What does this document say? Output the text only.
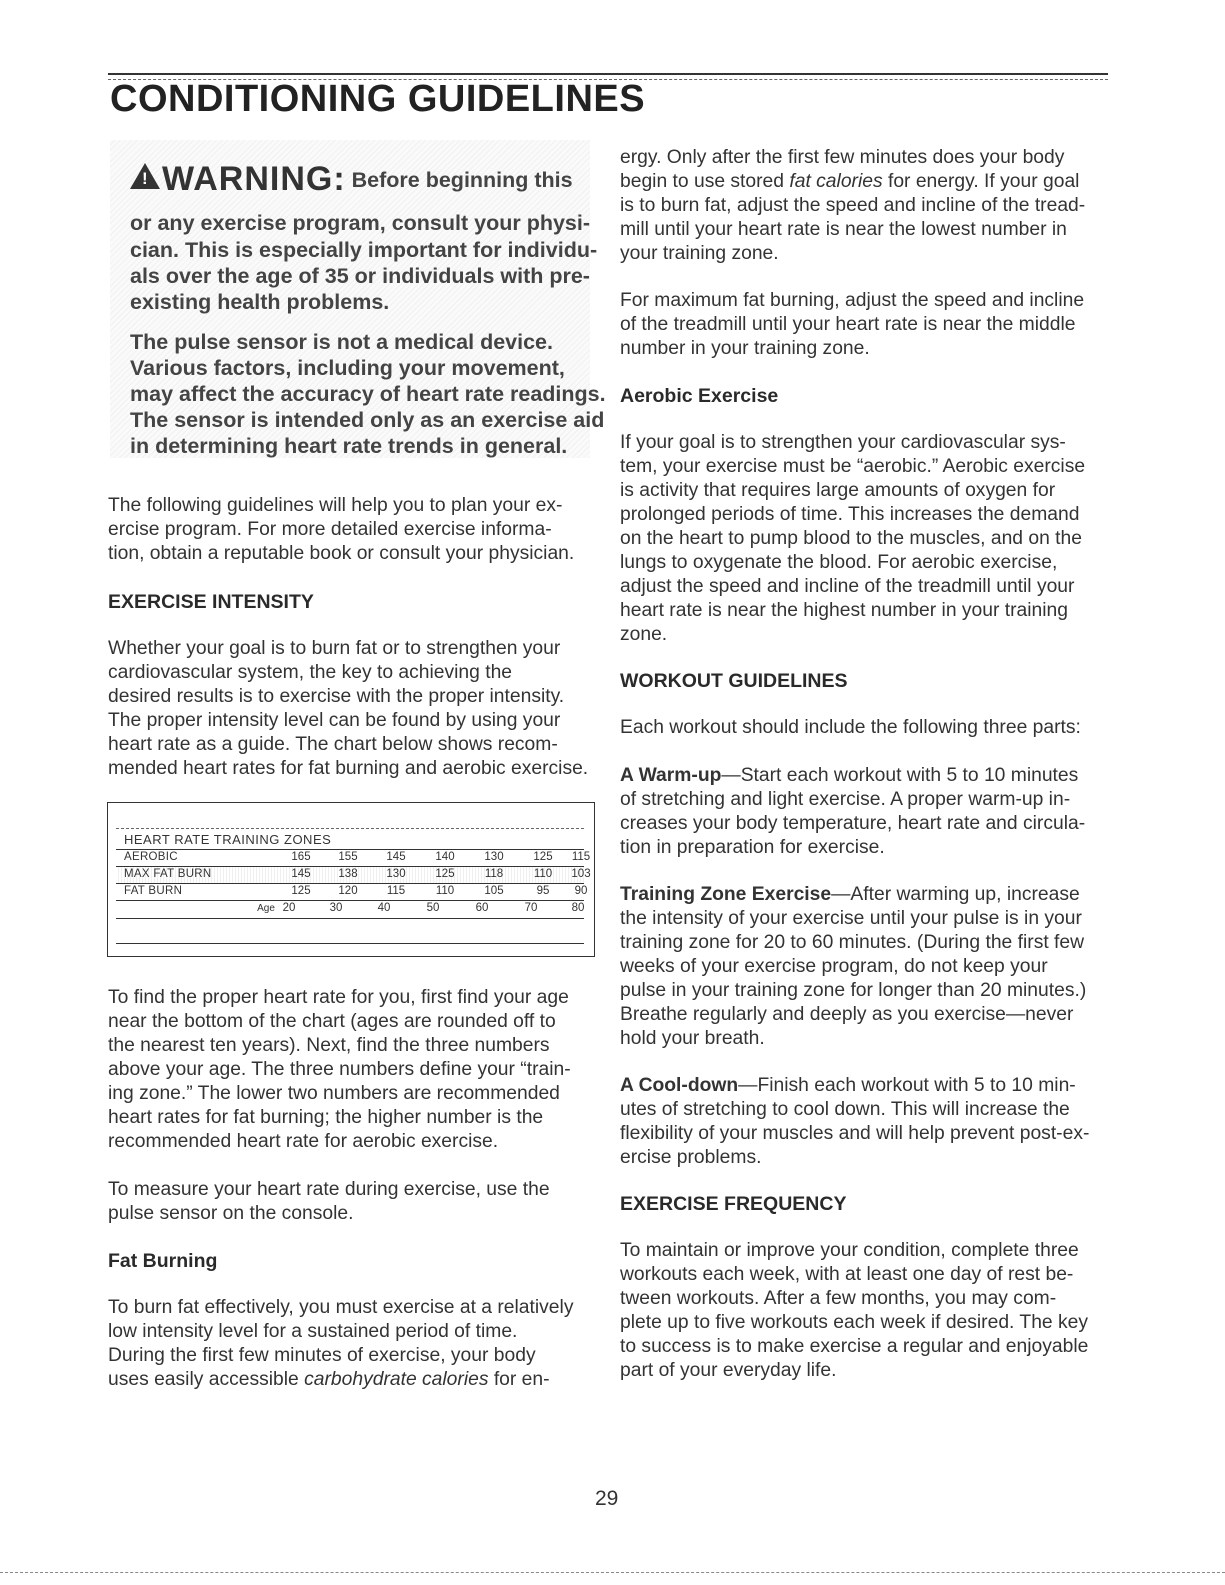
CONDITIONING GUIDELINES
!WARNING: Before beginning this
or any exercise program, consult your physi-
cian. This is especially important for individu-
als over the age of 35 or individuals with pre-
existing health problems.
The pulse sensor is not a medical device.
Various factors, including your movement,
may affect the accuracy of heart rate readings.
The sensor is intended only as an exercise aid
in determining heart rate trends in general.

The following guidelines will help you to plan your ex-

ercise program. For more detailed exercise informa-

tion, obtain a reputable book or consult your physician.

EXERCISE INTENSITY

Whether your goal is to burn fat or to strengthen your

cardiovascular system, the key to achieving the

desired results is to exercise with the proper intensity.

The proper intensity level can be found by using your

heart rate as a guide. The chart below shows recom-

mended heart rates for fat burning and aerobic exercise.

To find the proper heart rate for you, first find your age

near the bottom of the chart (ages are rounded off to

the nearest ten years). Next, find the three numbers

above your age. The three numbers define your “train-

ing zone.” The lower two numbers are recommended

heart rates for fat burning; the higher number is the

recommended heart rate for aerobic exercise.

To measure your heart rate during exercise, use the

pulse sensor on the console.

Fat Burning

To burn fat effectively, you must exercise at a relatively

low intensity level for a sustained period of time.

During the first few minutes of exercise, your body

uses easily accessible carbohydrate calories for en-

HEART RATE TRAINING ZONES
AEROBIC	165	155	145	140	130	125	115
MAX FAT BURN	145	138	130	125	118	110	103
FAT BURN	125	120	115	110	105	95	90
Age 20	30	40	50	60	70	80

ergy. Only after the first few minutes does your body

begin to use stored fat calories for energy. If your goal

is to burn fat, adjust the speed and incline of the tread-

mill until your heart rate is near the lowest number in

your training zone.

For maximum fat burning, adjust the speed and incline

of the treadmill until your heart rate is near the middle

number in your training zone.

Aerobic Exercise

If your goal is to strengthen your cardiovascular sys-

tem, your exercise must be “aerobic.” Aerobic exercise

is activity that requires large amounts of oxygen for

prolonged periods of time. This increases the demand

on the heart to pump blood to the muscles, and on the

lungs to oxygenate the blood. For aerobic exercise,

adjust the speed and incline of the treadmill until your

heart rate is near the highest number in your training

zone.

WORKOUT GUIDELINES

Each workout should include the following three parts:

A Warm-up—Start each workout with 5 to 10 minutes

of stretching and light exercise. A proper warm-up in-

creases your body temperature, heart rate and circula-

tion in preparation for exercise.

Training Zone Exercise—After warming up, increase

the intensity of your exercise until your pulse is in your

training zone for 20 to 60 minutes. (During the first few

weeks of your exercise program, do not keep your

pulse in your training zone for longer than 20 minutes.)

Breathe regularly and deeply as you exercise—never

hold your breath.

A Cool-down—Finish each workout with 5 to 10 min-

utes of stretching to cool down. This will increase the

flexibility of your muscles and will help prevent post-ex-

ercise problems.

EXERCISE FREQUENCY

To maintain or improve your condition, complete three

workouts each week, with at least one day of rest be-

tween workouts. After a few months, you may com-

plete up to five workouts each week if desired. The key

to success is to make exercise a regular and enjoyable

part of your everyday life.

29
